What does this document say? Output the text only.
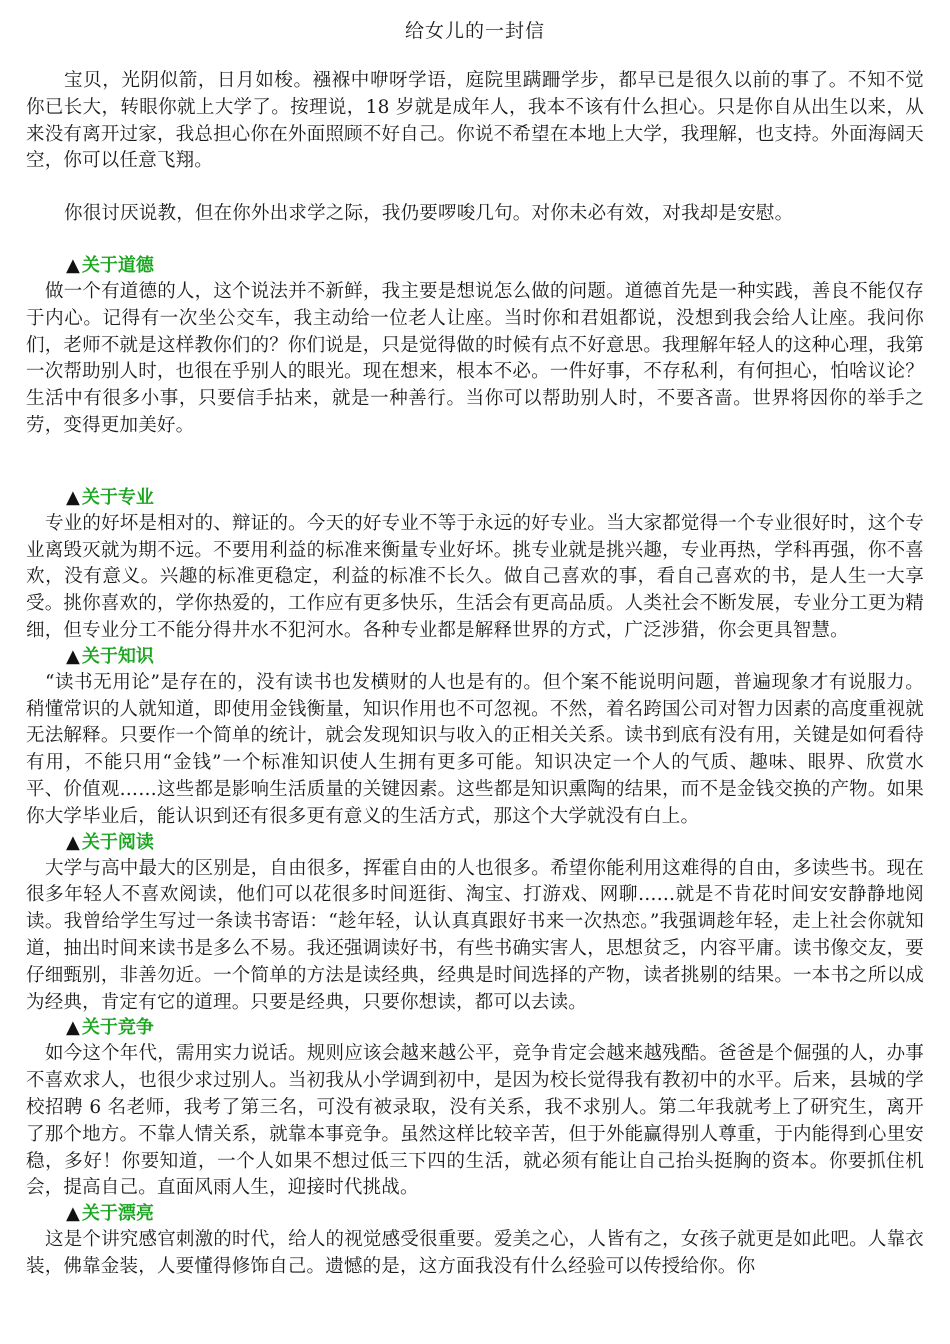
给女儿的一封信

宝贝，光阴似箭，日月如梭。襁褓中咿呀学语，庭院里蹒跚学步，都早已是很久以前的事了。不知不觉你已长大，转眼你就上大学了。按理说，18 岁就是成年人，我本不该有什么担心。只是你自从出生以来，从来没有离开过家，我总担心你在外面照顾不好自己。你说不希望在本地上大学，我理解，也支持。外面海阔天空，你可以任意飞翔。

你很讨厌说教，但在你外出求学之际，我仍要啰唆几句。对你未必有效，对我却是安慰。

▲ 关于道德

做一个有道德的人，这个说法并不新鲜，我主要是想说怎么做的问题。道德首先是一种实践，善良不能仅存于内心。记得有一次坐公交车，我主动给一位老人让座。当时你和君姐都说，没想到我会给人让座。我问你们，老师不就是这样教你们的？你们说是，只是觉得做的时候有点不好意思。我理解年轻人的这种心理，我第一次帮助别人时，也很在乎别人的眼光。现在想来，根本不必。一件好事，不存私利，有何担心，怕啥议论？生活中有很多小事，只要信手拈来，就是一种善行。当你可以帮助别人时，不要吝啬。世界将因你的举手之劳，变得更加美好。

▲ 关于专业

专业的好坏是相对的、辩证的。今天的好专业不等于永远的好专业。当大家都觉得一个专业很好时，这个专业离毁灭就为期不远。不要用利益的标准来衡量专业好坏。挑专业就是挑兴趣，专业再热，学科再强，你不喜欢，没有意义。兴趣的标准更稳定，利益的标准不长久。做自己喜欢的事，看自己喜欢的书，是人生一大享受。挑你喜欢的，学你热爱的，工作应有更多快乐，生活会有更高品质。人类社会不断发展，专业分工更为精细，但专业分工不能分得井水不犯河水。各种专业都是解释世界的方式，广泛涉猎，你会更具智慧。

▲ 关于知识

“读书无用论”是存在的，没有读书也发横财的人也是有的。但个案不能说明问题，普遍现象才有说服力。稍懂常识的人就知道，即使用金钱衡量，知识作用也不可忽视。不然，着名跨国公司对智力因素的高度重视就无法解释。只要作一个简单的统计，就会发现知识与收入的正相关关系。读书到底有没有用，关键是如何看待有用，不能只用“金钱”一个标准知识使人生拥有更多可能。知识决定一个人的气质、趣味、眼界、欣赏水平、价值观……这些都是影响生活质量的关键因素。这些都是知识熏陶的结果，而不是金钱交换的产物。如果你大学毕业后，能认识到还有很多更有意义的生活方式，那这个大学就没有白上。

▲ 关于阅读

大学与高中最大的区别是，自由很多，挥霍自由的人也很多。希望你能利用这难得的自由，多读些书。现在很多年轻人不喜欢阅读，他们可以花很多时间逛街、淘宝、打游戏、网聊……就是不肯花时间安安静静地阅读。我曾给学生写过一条读书寄语：“趁年轻，认认真真跟好书来一次热恋。”我强调趁年轻，走上社会你就知道，抽出时间来读书是多么不易。我还强调读好书，有些书确实害人，思想贫乏，内容平庸。读书像交友，要仔细甄别，非善勿近。一个简单的方法是读经典，经典是时间选择的产物，读者挑剔的结果。一本书之所以成为经典，肯定有它的道理。只要是经典，只要你想读，都可以去读。

▲ 关于竞争

如今这个年代，需用实力说话。规则应该会越来越公平，竞争肯定会越来越残酷。爸爸是个倔强的人，办事不喜欢求人，也很少求过别人。当初我从小学调到初中，是因为校长觉得我有教初中的水平。后来，县城的学校招聘 6 名老师，我考了第三名，可没有被录取，没有关系，我不求别人。第二年我就考上了研究生，离开了那个地方。不靠人情关系，就靠本事竞争。虽然这样比较辛苦，但于外能赢得别人尊重，于内能得到心里安稳，多好！你要知道，一个人如果不想过低三下四的生活，就必须有能让自己抬头挺胸的资本。你要抓住机会，提高自己。直面风雨人生，迎接时代挑战。

▲ 关于漂亮

这是个讲究感官刺激的时代，给人的视觉感受很重要。爱美之心，人皆有之，女孩子就更是如此吧。人靠衣装，佛靠金装，人要懂得修饰自己。遗憾的是，这方面我没有什么经验可以传授给你。你
